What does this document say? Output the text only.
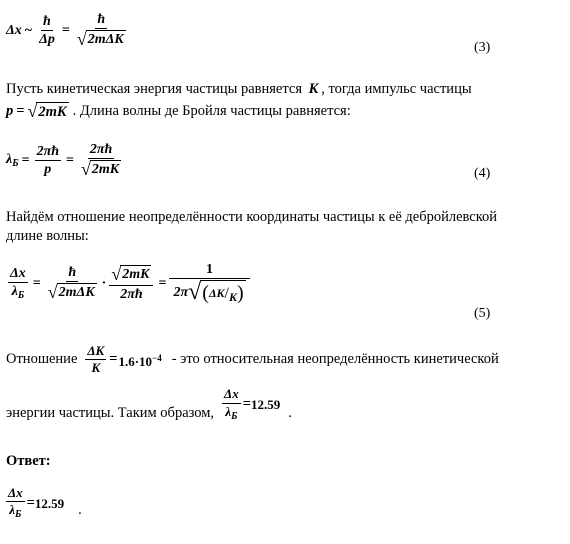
Δx ~ $\frac{ħ}{\Delta p} = \frac{ħ}{\text{√ 2mΔK}}$	(3)
Пусть кинетическая энергия частицы равняется K , тогда импульс частицы
p = √ 2mK . Длина волны де Бройля частицы равняется:
$\lambda_Б = \frac{2\pi ħ}{p} = \frac{2\pi ħ}{√ 2mK}$	(4)
Найдём отношение неопределённости координаты частицы к её дебройлевской
длине волны:
$\frac{\Delta x}{\lambda_Б} = \frac{ħ}{\text{√ 2mΔK}} \cdot \frac{√ 2mK}{2\pi ħ}$ =
1
2π √ ( ΔK / K )
(5)
Отношение $\frac{\Delta K}{K} = 1.6\cdot 10^{-4}$ - это относительная неопределённость кинетической
энергии частицы. Таким образом, $\frac{\Delta x}{\lambda_Б} = 12.59$
.
Ответ:
$\frac{\Delta x}{\lambda_Б} = 12.59$ .
